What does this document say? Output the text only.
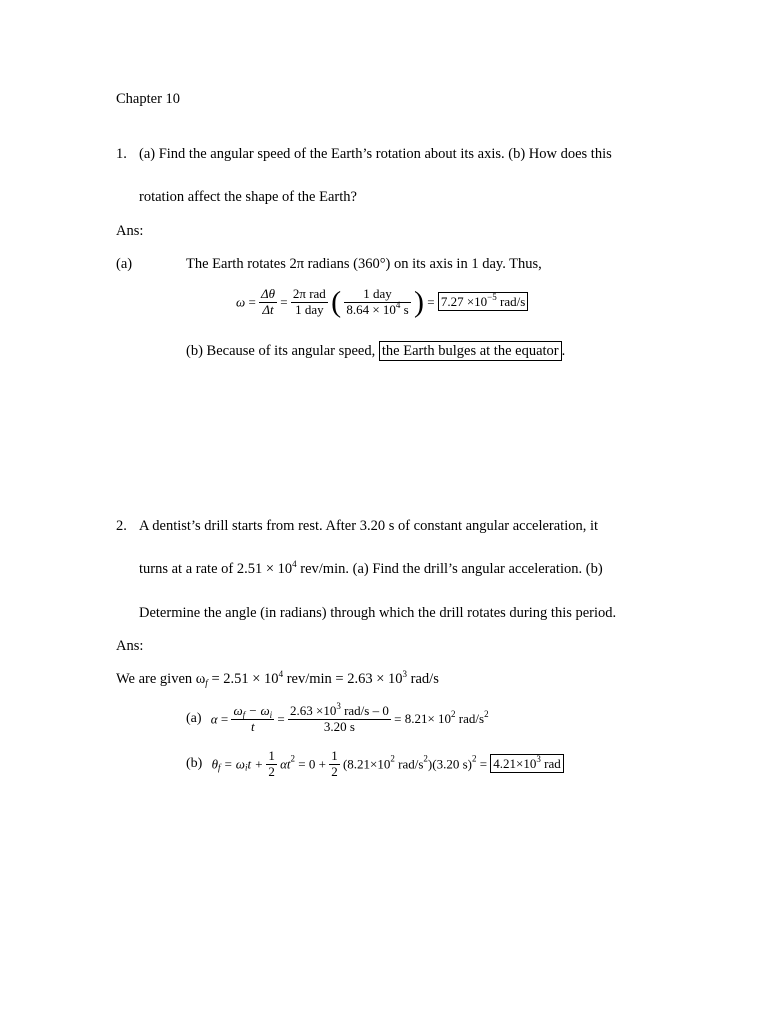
Chapter 10
1. (a) Find the angular speed of the Earth’s rotation about its axis. (b) How does this
rotation affect the shape of the Earth?
Ans:
(a)	The Earth rotates 2π radians (360°) on its axis in 1 day. Thus,
$\omega = \frac{\Delta\theta}{\Delta t} = \frac{\text{2π rad}}{\text{1 day}}$ ( $\frac{\text{1 day}}{8.64 \times 10^4 s}$ ) = $7.27 \times 10^{-5}$ rad/s
(b) Because of its angular speed, the Earth bulges at the equator .
2. A dentist’s drill starts from rest. After 3.20 s of constant angular acceleration, it
turns at a rate of $2.51 \times 10^4$ rev/min. (a) Find the drill’s angular acceleration. (b)
Determine the angle (in radians) through which the drill rotates during this period.
Ans:
We are given $\omega_f = 2.51 \times 10^4$ $rev/\min = 2.63 \times 10^3$ rad/s
(a) $\alpha = \frac{\omega_f - \omega_i}{t} = \frac{2.63 \times 10^3 rad/s - 0}{3.20 s} = 8.21\times 10^2$ rad/$s^2$
(b) $\theta_f = \omega_it + \frac{1}{2} \alpha t^2 = 0 + \frac{1}{2} (8.21\times 10^2$ rad/$s^2)(3.20$ $s)^2 = 4.21\times 10^3$ rad
